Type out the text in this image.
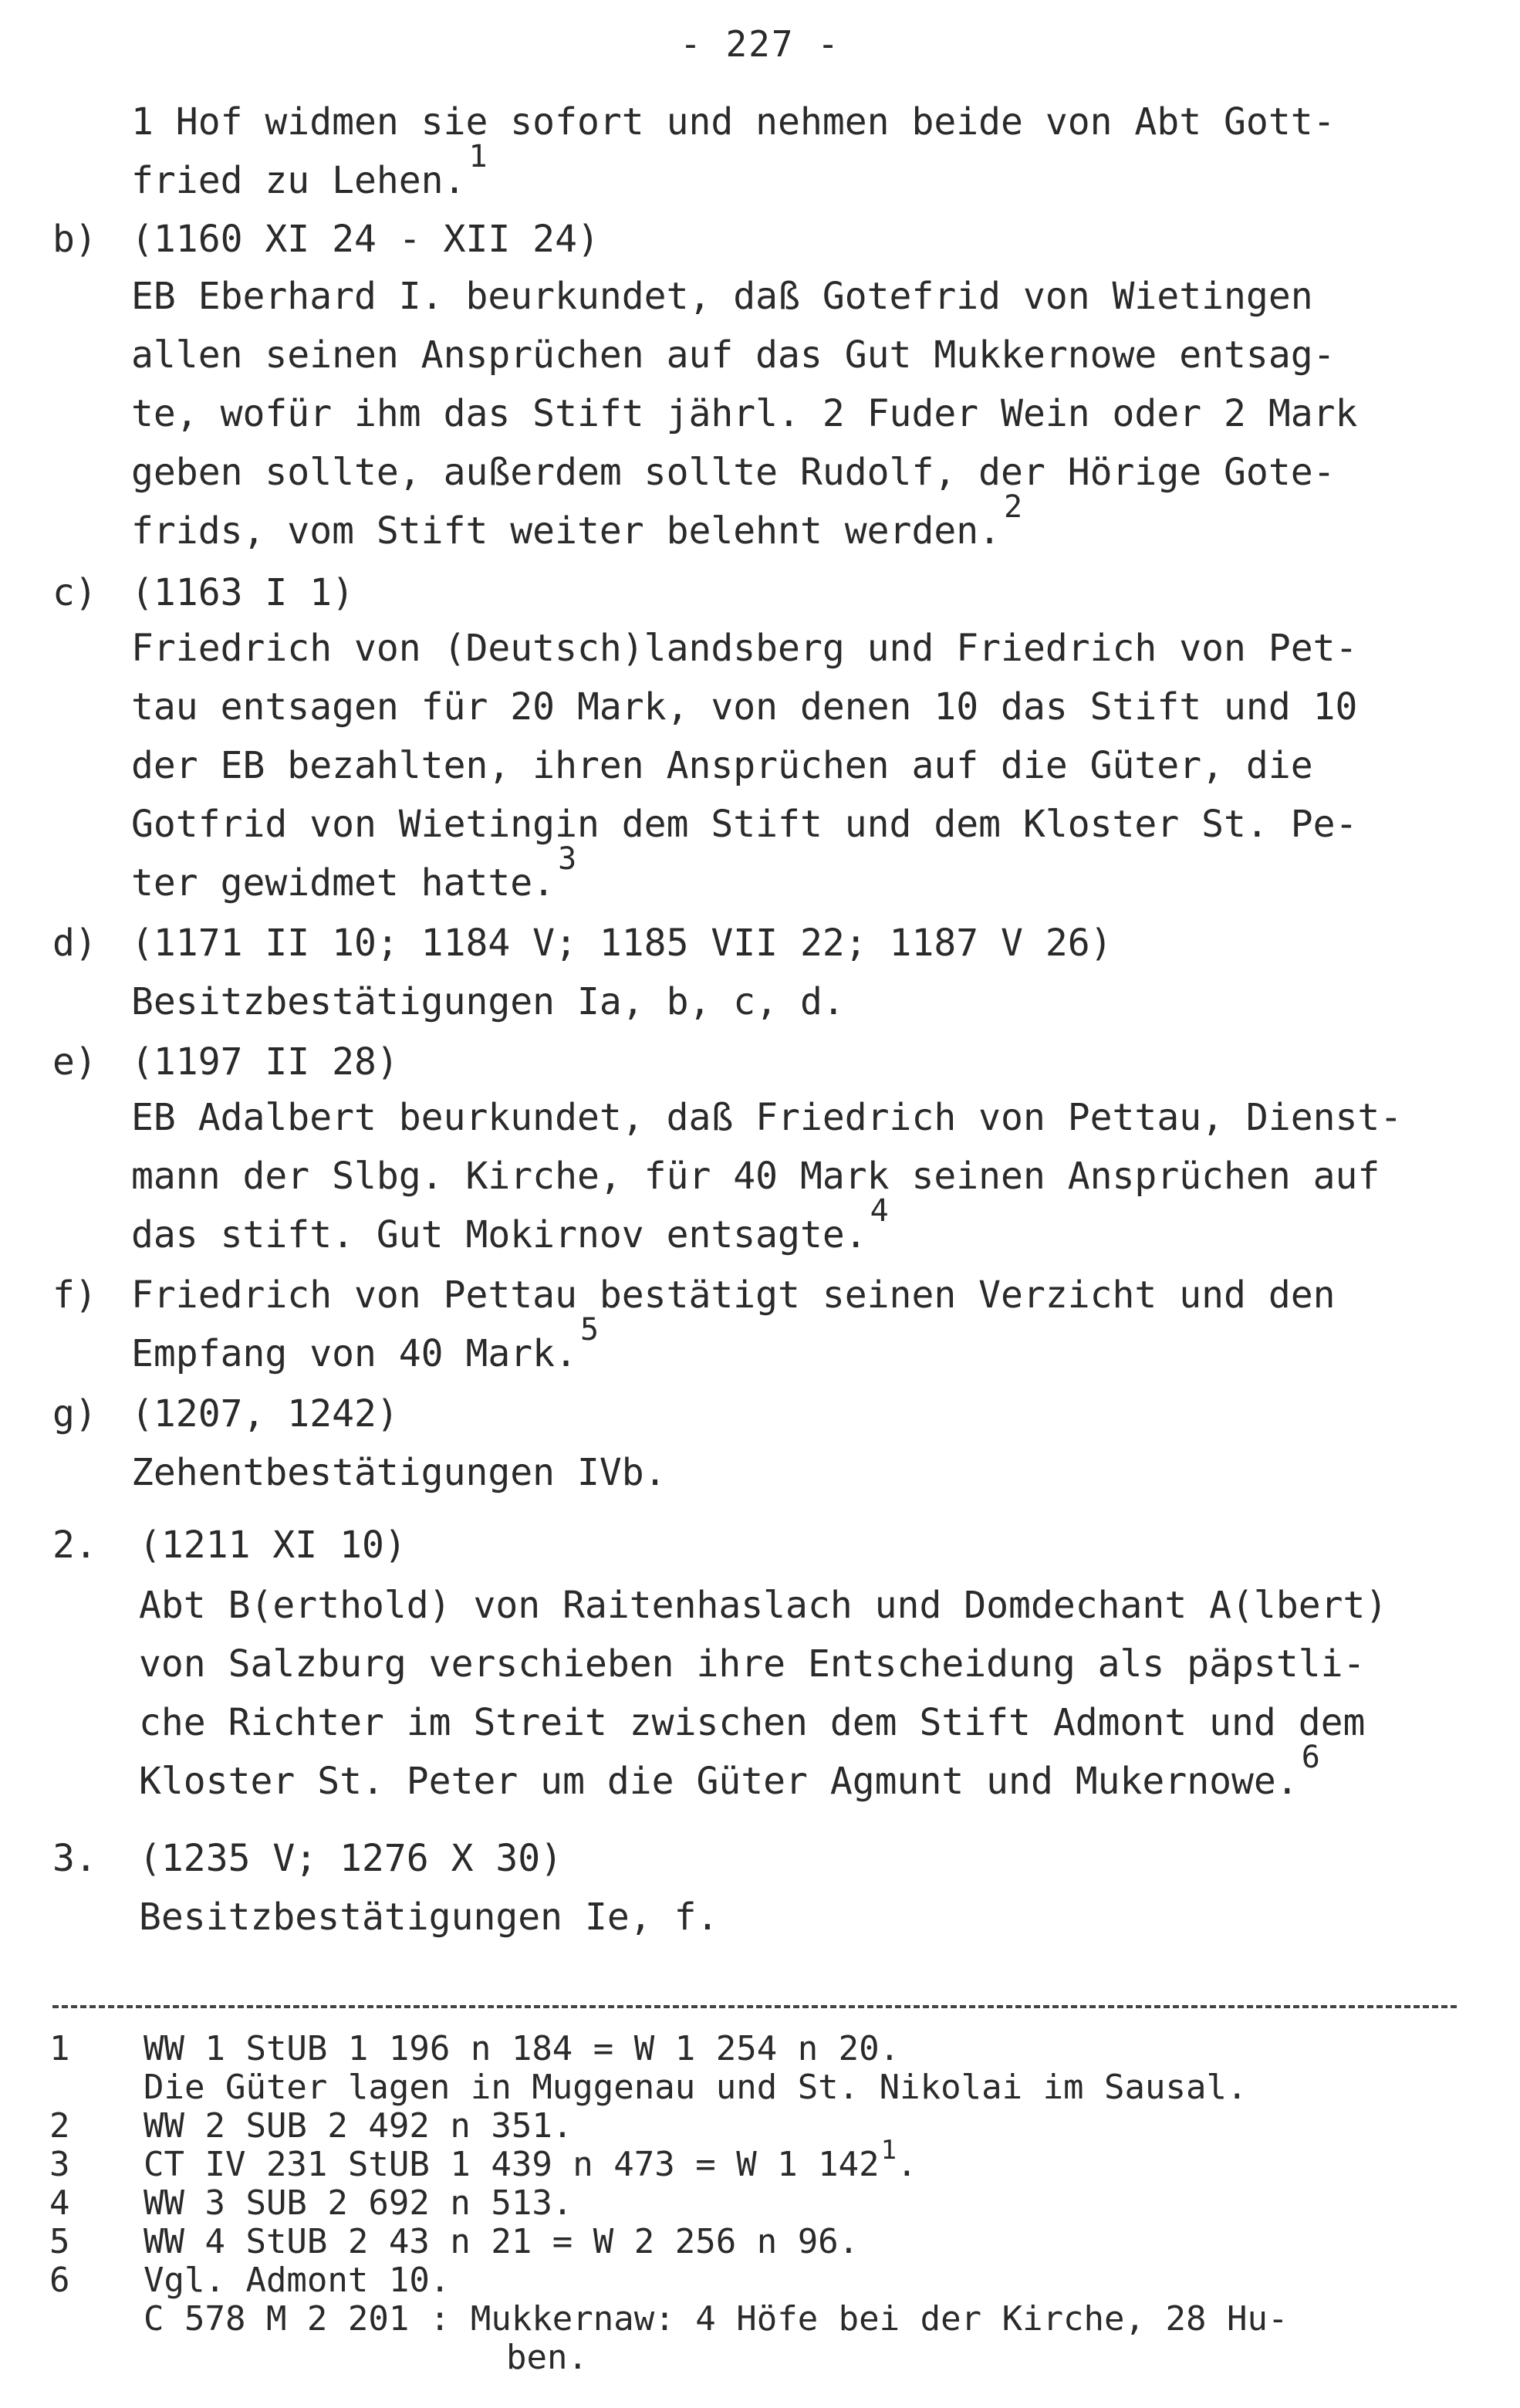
- 227 -
1 Hof widmen sie sofort und nehmen beide von Abt Gott-
fried zu Lehen.$^1$
b) (1160 XI 24 - XII 24)
EB Eberhard I. beurkundet, daß Gotefrid von Wietingen
allen seinen Ansprüchen auf das Gut Mukkernowe entsag-
te, wofür ihm das Stift jährl. 2 Fuder Wein oder 2 Mark
geben sollte, außerdem sollte Rudolf, der Hörige Gote-
frids, vom Stift weiter belehnt werden.$^2$
c) (1163 I 1)
Friedrich von (Deutsch)landsberg und Friedrich von Pet-
tau entsagen für 20 Mark, von denen 10 das Stift und 10
der EB bezahlten, ihren Ansprüchen auf die Güter, die
Gotfrid von Wietingin dem Stift und dem Kloster St. Pe-
ter gewidmet hatte.$^3$
d) (1171 II 10; 1184 V; 1185 VII 22; 1187 V 26)
Besitzbestätigungen Ia, b, c, d.
e) (1197 II 28)
EB Adalbert beurkundet, daß Friedrich von Pettau, Dienst-
mann der Slbg. Kirche, für 40 Mark seinen Ansprüchen auf
das stift. Gut Mokirnov entsagte.$^4$
f) Friedrich von Pettau bestätigt seinen Verzicht und den
Empfang von 40 Mark.$^5$
g) (1207, 1242)
Zehentbestätigungen IVb.
2. (1211 XI 10)
Abt B(erthold) von Raitenhaslach und Domdechant A(lbert)
von Salzburg verschieben ihre Entscheidung als päpstli-
che Richter im Streit zwischen dem Stift Admont und dem
Kloster St. Peter um die Güter Agmunt und Mukernowe.$^6$
3. (1235 V; 1276 X 30)
Besitzbestätigungen Ie, f.
1 WW 1 StUB 1 196 n 184 = W 1 254 n 20.
Die Güter lagen in Muggenau und St. Nikolai im Sausal.
2 WW 2 SUB 2 492 n 351.
3 CT IV 231 StUB 1 439 n 473 = W 1 $142^1$.
4 WW 3 SUB 2 692 n 513.
5 WW 4 StUB 2 43 n 21 = W 2 256 n 96.
6 Vgl. Admont 10.
C 578 M 2 201 : Mukkernaw: 4 Höfe bei der Kirche, 28 Hu-
ben.
